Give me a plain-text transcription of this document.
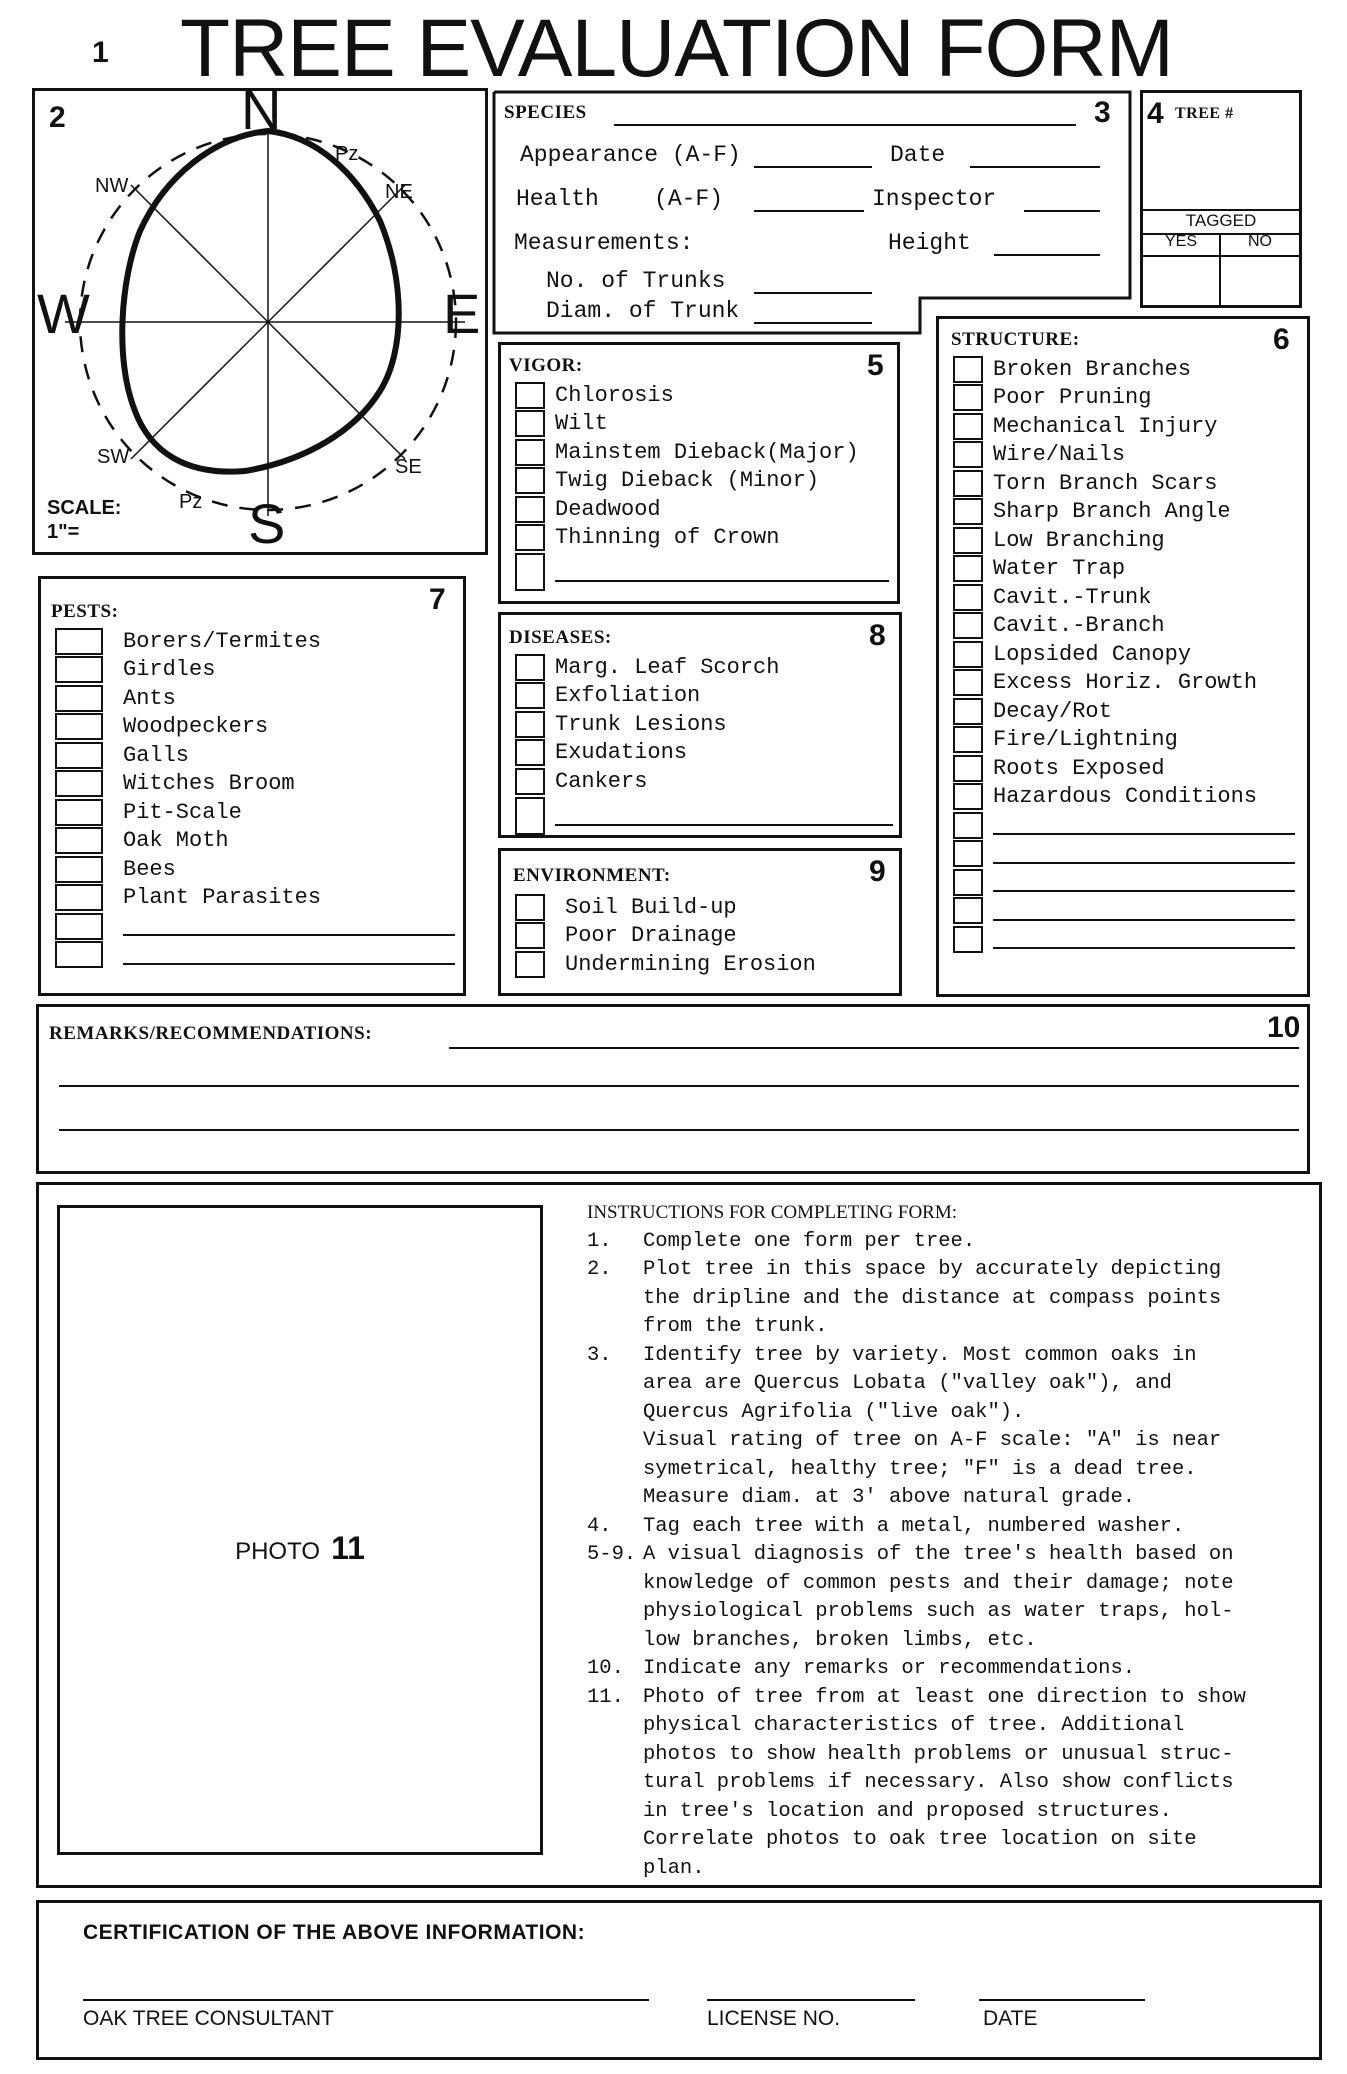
1 TREE EVALUATION FORM
2	N
S
W	E
NW	NE
SW	SE
Pz
Pz
SCALE:
1"=
SPECIES	3
Appearance (A-F)	Date
Health    (A-F)	Inspector
Measurements:	Height
No. of Trunks
Diam. of Trunk
4 TREE #
TAGGED
YES	NO
VIGOR:	5
Chlorosis
Wilt
Mainstem Dieback(Major)
Twig Dieback (Minor)
Deadwood
Thinning of Crown
STRUCTURE:	6
Broken Branches
Poor Pruning
Mechanical Injury
Wire/Nails
Torn Branch Scars
Sharp Branch Angle
Low Branching
Water Trap
Cavit.-Trunk
Cavit.-Branch
Lopsided Canopy
Excess Horiz. Growth
Decay/Rot
Fire/Lightning
Roots Exposed
Hazardous Conditions
PESTS:	7
Borers/Termites
Girdles
Ants
Woodpeckers
Galls
Witches Broom
Pit-Scale
Oak Moth
Bees
Plant Parasites
DISEASES:	8
Marg. Leaf Scorch
Exfoliation
Trunk Lesions
Exudations
Cankers
ENVIRONMENT:	9
Soil Build-up
Poor Drainage
Undermining Erosion
REMARKS/RECOMMENDATIONS:	10
PHOTO 11
INSTRUCTIONS FOR COMPLETING FORM:
1.	Complete one form per tree.
2.	Plot tree in this space by accurately depicting
the dripline and the distance at compass points
from the trunk.
3.	Identify tree by variety. Most common oaks in
area are Quercus Lobata ("valley oak"), and
Quercus Agrifolia ("live oak").
Visual rating of tree on A-F scale: "A" is near
symetrical, healthy tree; "F" is a dead tree.
Measure diam. at 3' above natural grade.
4.	Tag each tree with a metal, numbered washer.
5-9. A visual diagnosis of the tree's health based on
knowledge of common pests and their damage; note
physiological problems such as water traps, hol-
low branches, broken limbs, etc.
10. Indicate any remarks or recommendations.
11. Photo of tree from at least one direction to show
physical characteristics of tree. Additional
photos to show health problems or unusual struc-
tural problems if necessary. Also show conflicts
in tree's location and proposed structures.
Correlate photos to oak tree location on site
plan.
CERTIFICATION OF THE ABOVE INFORMATION:
OAK TREE CONSULTANT	LICENSE NO.	DATE
